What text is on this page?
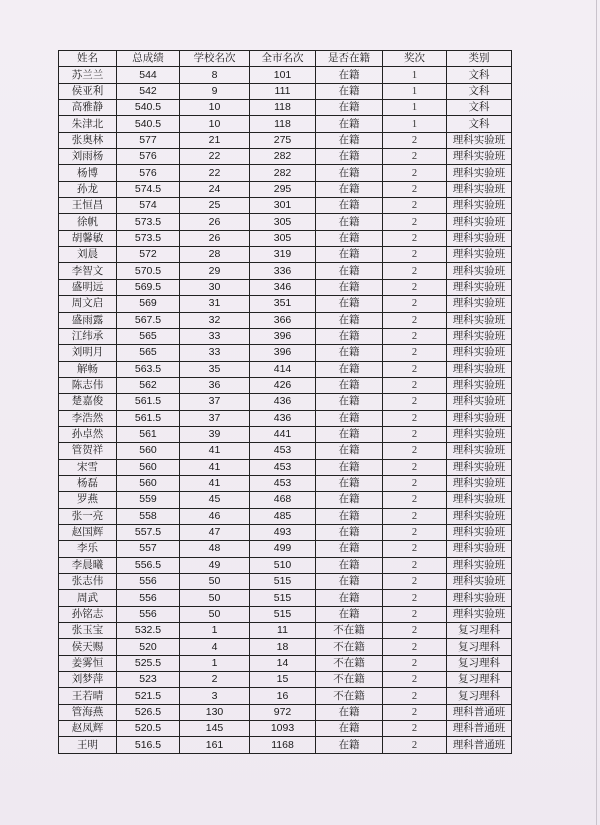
姓名	总成绩	学校名次	全市名次	是否在籍	奖次	类别
苏兰兰	544	8	101	在籍	1	文科
侯亚利	542	9	111	在籍	1	文科
高雅静	540.5	10	118	在籍	1	文科
朱津北	540.5	10	118	在籍	1	文科
张奥林	577	21	275	在籍	2	理科实验班
刘雨杨	576	22	282	在籍	2	理科实验班
杨博	576	22	282	在籍	2	理科实验班
孙龙	574.5	24	295	在籍	2	理科实验班
王恒昌	574	25	301	在籍	2	理科实验班
徐帆	573.5	26	305	在籍	2	理科实验班
胡馨敏	573.5	26	305	在籍	2	理科实验班
刘晨	572	28	319	在籍	2	理科实验班
李智文	570.5	29	336	在籍	2	理科实验班
盛明远	569.5	30	346	在籍	2	理科实验班
周文启	569	31	351	在籍	2	理科实验班
盛雨露	567.5	32	366	在籍	2	理科实验班
江纬承	565	33	396	在籍	2	理科实验班
刘明月	565	33	396	在籍	2	理科实验班
解畅	563.5	35	414	在籍	2	理科实验班
陈志伟	562	36	426	在籍	2	理科实验班
楚嘉俊	561.5	37	436	在籍	2	理科实验班
李浩然	561.5	37	436	在籍	2	理科实验班
孙卓然	561	39	441	在籍	2	理科实验班
管贺祥	560	41	453	在籍	2	理科实验班
宋雪	560	41	453	在籍	2	理科实验班
杨磊	560	41	453	在籍	2	理科实验班
罗燕	559	45	468	在籍	2	理科实验班
张一亮	558	46	485	在籍	2	理科实验班
赵国辉	557.5	47	493	在籍	2	理科实验班
李乐	557	48	499	在籍	2	理科实验班
李晨曦	556.5	49	510	在籍	2	理科实验班
张志伟	556	50	515	在籍	2	理科实验班
周武	556	50	515	在籍	2	理科实验班
孙铭志	556	50	515	在籍	2	理科实验班
张玉宝	532.5	1	11	不在籍	2	复习理科
侯天赐	520	4	18	不在籍	2	复习理科
姜雾恒	525.5	1	14	不在籍	2	复习理科
刘梦萍	523	2	15	不在籍	2	复习理科
王若晴	521.5	3	16	不在籍	2	复习理科
管海燕	526.5	130	972	在籍	2	理科普通班
赵凤辉	520.5	145	1093	在籍	2	理科普通班
王明	516.5	161	1168	在籍	2	理科普通班
